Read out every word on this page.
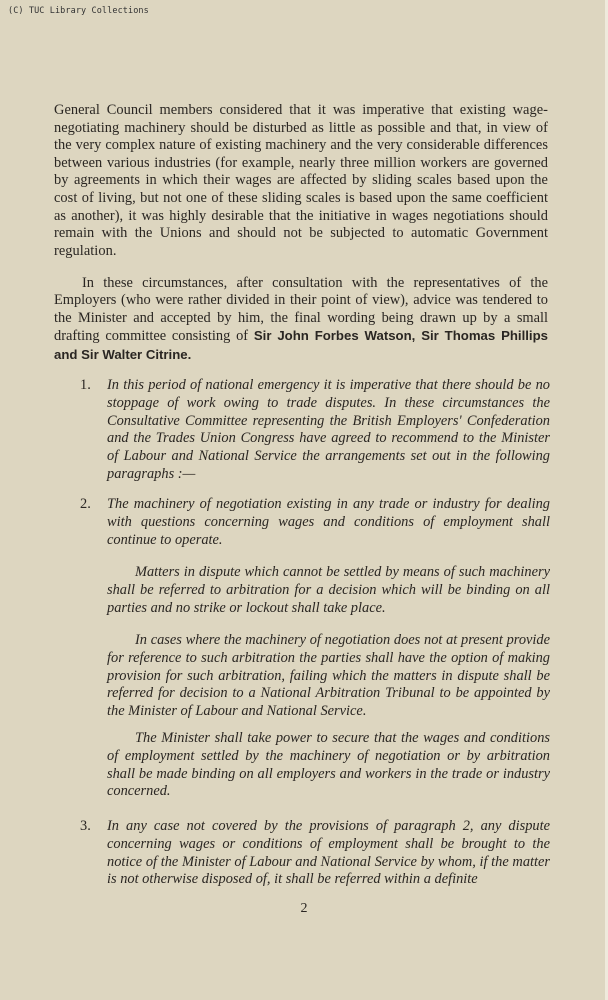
(C) TUC Library Collections
General Council members considered that it was imperative that existing wage-negotiating machinery should be disturbed as little as possible and that, in view of the very complex nature of existing machinery and the very considerable differences between various industries (for example, nearly three million workers are governed by agreements in which their wages are affected by sliding scales based upon the cost of living, but not one of these sliding scales is based upon the same coefficient as another), it was highly desirable that the initiative in wages negotiations should remain with the Unions and should not be subjected to automatic Government regulation.
In these circumstances, after consultation with the representatives of the Employers (who were rather divided in their point of view), advice was tendered to the Minister and accepted by him, the final wording being drawn up by a small drafting committee consisting of Sir John Forbes Watson, Sir Thomas Phillips and Sir Walter Citrine.
1. In this period of national emergency it is imperative that there should be no stoppage of work owing to trade disputes. In these circumstances the Consultative Committee representing the British Employers' Confederation and the Trades Union Congress have agreed to recommend to the Minister of Labour and National Service the arrangements set out in the following paragraphs :—
2. The machinery of negotiation existing in any trade or industry for dealing with questions concerning wages and conditions of employment shall continue to operate.
Matters in dispute which cannot be settled by means of such machinery shall be referred to arbitration for a decision which will be binding on all parties and no strike or lockout shall take place.
In cases where the machinery of negotiation does not at present provide for reference to such arbitration the parties shall have the option of making provision for such arbitration, failing which the matters in dispute shall be referred for decision to a National Arbitration Tribunal to be appointed by the Minister of Labour and National Service.
The Minister shall take power to secure that the wages and conditions of employment settled by the machinery of negotiation or by arbitration shall be made binding on all employers and workers in the trade or industry concerned.
3. In any case not covered by the provisions of paragraph 2, any dispute concerning wages or conditions of employment shall be brought to the notice of the Minister of Labour and National Service by whom, if the matter is not otherwise disposed of, it shall be referred within a definite
2
